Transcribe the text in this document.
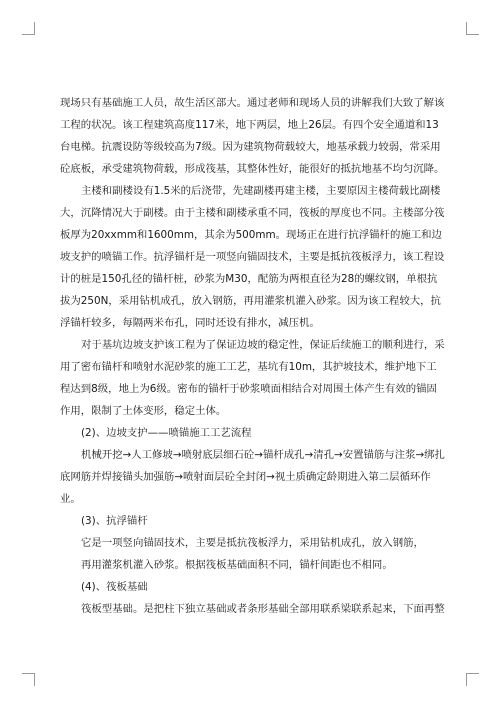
现场只有基础施工人员，故生活区部大。通过老师和现场人员的讲解我们大致了解该工程的状况。该工程建筑高度117米，地下两层，地上26层。有四个安全通道和13台电梯。抗震设防等级较高为7级。因为建筑物荷载较大，地基承载力较弱，常采用砼底板，承受建筑物荷载，形成筏基，其整体性好，能很好的抵抗地基不均匀沉降。

主楼和副楼设有1.5米的后浇带，先建副楼再建主楼，主要原因主楼荷载比副楼大，沉降情况大于副楼。由于主楼和副楼承重不同，筏板的厚度也不同。主楼部分筏板厚为20xxmm和1600mm，其余为500mm。现场正在进行抗浮锚杆的施工和边坡支护的喷锚工作。抗浮锚杆是一项竖向锚固技术，主要是抵抗筏板浮力，该工程设计的桩是150孔径的锚杆桩，砂浆为M30，配筋为两根直径为28的螺纹钢，单根抗拔为250N，采用钻机成孔，放入钢筋，再用灌浆机灌入砂浆。因为该工程较大，抗浮锚杆较多，每隔两米布孔，同时还设有排水，减压机。

对于基坑边坡支护该工程为了保证边坡的稳定性，保证后续施工的顺利进行，采用了密布锚杆和喷射水泥砂浆的施工工艺，基坑有10m，其护坡技术，维护地下工程达到8级，地上为6级。密布的锚杆于砂浆喷面相结合对周围土体产生有效的锚固作用，限制了土体变形，稳定土体。

(2)、边坡支护——喷锚施工工艺流程

机械开挖→人工修坡→喷射底层细石砼→锚杆成孔→清孔→安置锚筋与注浆→绑扎底网筋并焊接锚头加强筋→喷射面层砼全封闭→视土质确定龄期进入第二层循环作业。

(3)、抗浮锚杆

它是一项竖向锚固技术，主要是抵抗筏板浮力，采用钻机成孔，放入钢筋，

再用灌浆机灌入砂浆。根据筏板基础面积不同，锚杆间距也不相同。

(4)、筏板基础

筏板型基础。是把柱下独立基础或者条形基础全部用联系梁联系起来，下面再整
